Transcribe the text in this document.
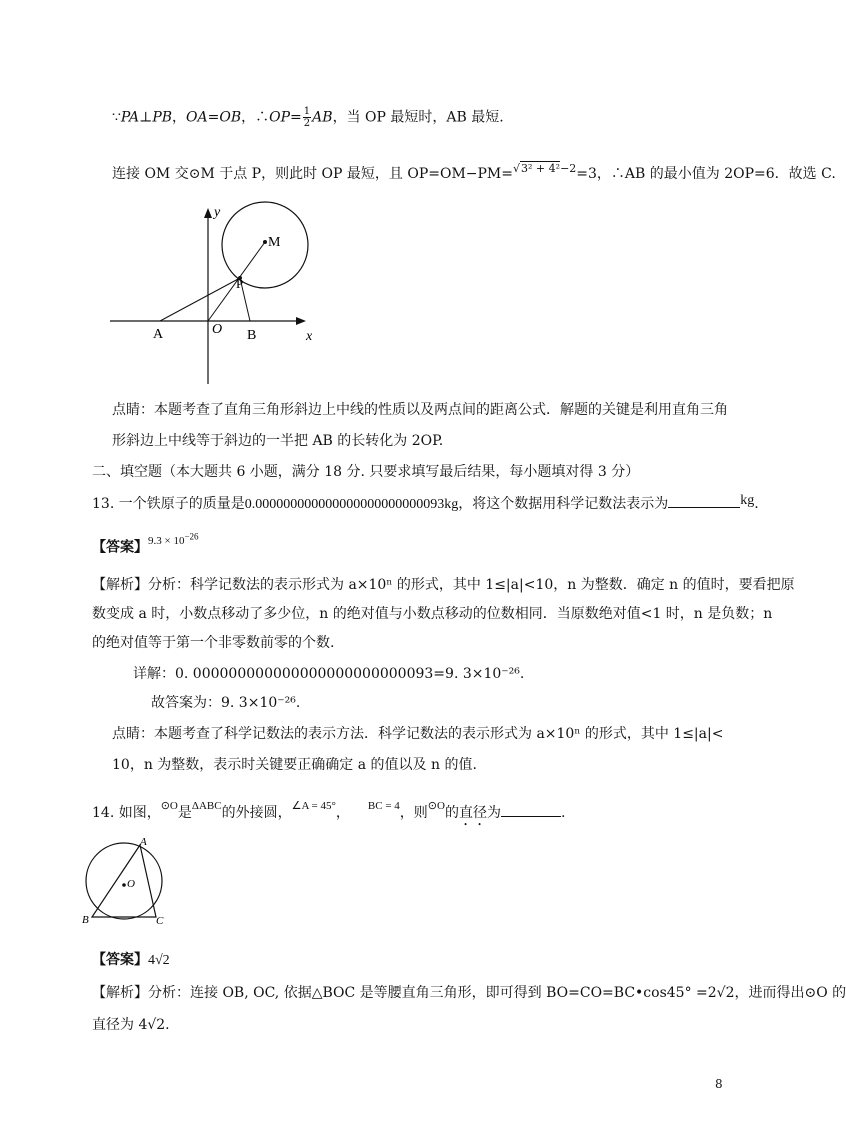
∵PA⊥PB，OA=OB，∴OP= $\frac{1}{2}$ AB，当 OP 最短时，AB 最短.
连接 OM 交⊙M 于点 P，则此时 OP 最短，且 OP=OM−PM=$^{√3^2 + 4^2-2}$=3，∴AB 的最小值为 2OP=6．故选 C.
y
x
O
A	B
P
M
点睛：本题考查了直角三角形斜边上中线的性质以及两点间的距离公式．解题的关键是利用直角三角
形斜边上中线等于斜边的一半把 AB 的长转化为 2OP.
二、填空题（本大题共 6 小题，满分 18 分. 只要求填写最后结果，每小题填对得 3 分）
13. 一个铁原子的质量是0.000000000000000000000000093kg，将这个数据用科学记数法表示为	kg.
【答案】$^{9.3 \times 10^{-26}}$
【解析】分析：科学记数法的表示形式为 a×10ⁿ 的形式，其中 1≤|a|<10，n 为整数．确定 n 的值时，要看把原
数变成 a 时，小数点移动了多少位，n 的绝对值与小数点移动的位数相同．当原数绝对值<1 时，n 是负数；n
的绝对值等于第一个非零数前零的个数.
详解：0. 000000000000000000000000093=9. 3×10⁻²⁶.
故答案为：9. 3×10⁻²⁶.
点睛：本题考查了科学记数法的表示方法．科学记数法的表示形式为 a×10ⁿ 的形式，其中 1≤|a|<
10，n 为整数，表示时关键要正确确定 a 的值以及 n 的值.
14. 如图，$^{⊙O}$是$^{\Delta ABC}$的外接圆，$^{\angle A = 45^\circ}$， $^{BC = 4}$，则$^{⊙O}$的直径为	.
A
B	C
O
【答案】4√2
【解析】分析：连接 OB, OC, 依据△BOC 是等腰直角三角形，即可得到 BO=CO=BC•cos45° =2√2，进而得出⊙O 的
直径为 4√2.
8
